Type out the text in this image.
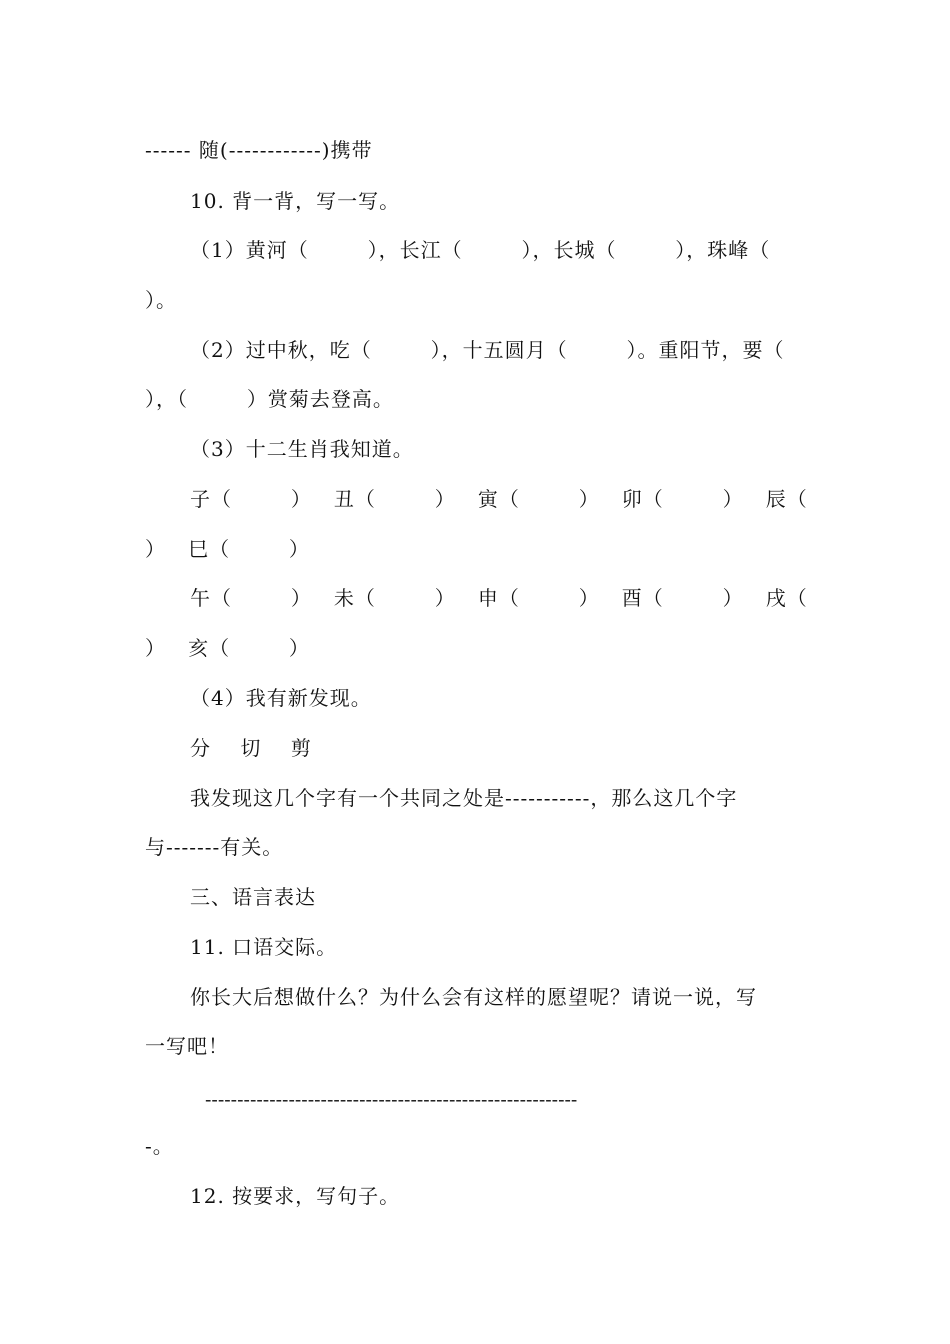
------ 随(------------)携带
10. 背一背，写一写。
（1）黄河（        ），长江（        ），长城（        ），珠峰（
）。
（2）过中秋，吃（        ），十五圆月（        ）。重阳节，要（
），（        ）赏菊去登高。
（3）十二生肖我知道。
子（        ）   丑（        ）   寅（        ）   卯（        ）   辰（
）   巳（        ）
午（        ）   未（        ）   申（        ）   酉（        ）   戌（
）   亥（        ）
（4）我有新发现。
分    切    剪
我发现这几个字有一个共同之处是-----------，那么这几个字
与-------有关。
三、语言表达
11. 口语交际。
你长大后想做什么？为什么会有这样的愿望呢？请说一说，写
一写吧！
----------------------------------------------------------
-。
12. 按要求，写句子。
